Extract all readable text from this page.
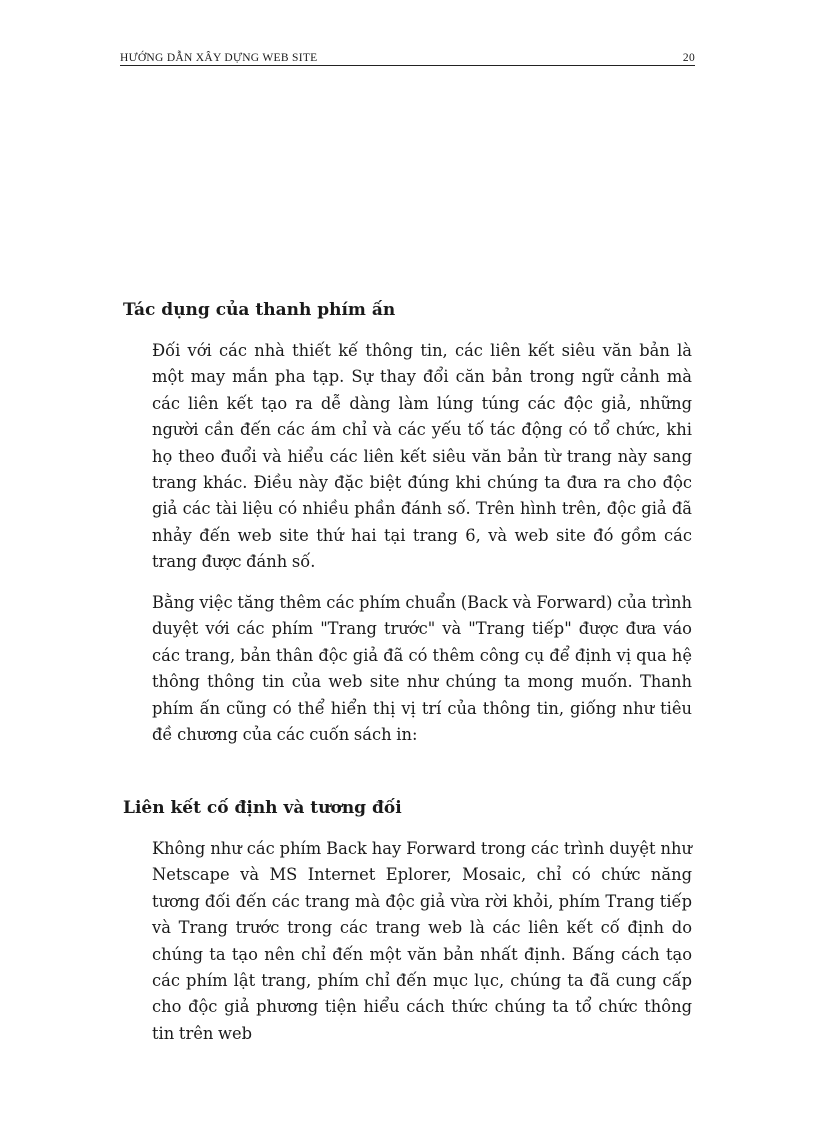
HƯỚNG DẪN XÂY DỰNG WEB SITE	20
Tác dụng của thanh phím ấn

Đối với các nhà thiết kế thông tin, các liên kết siêu văn bản là một may mắn pha tạp. Sự thay đổi căn bản trong ngữ cảnh mà các liên kết tạo ra dễ dàng làm lúng túng các độc giả, những người cần đến các ám chỉ và các yếu tố tác động có tổ chức, khi họ theo đuổi và hiểu các liên kết siêu văn bản từ trang này sang trang khác. Điều này đặc biệt đúng khi chúng ta đưa ra cho độc giả các tài liệu có nhiều phần đánh số. Trên hình trên, độc giả đã nhảy đến web site thứ hai tại trang 6, và web site đó gồm các trang được đánh số.

Bằng việc tăng thêm các phím chuẩn (Back và Forward) của trình duyệt với các phím "Trang trước" và "Trang tiếp" được đưa váo các trang, bản thân độc giả đã có thêm công cụ để định vị qua hệ thông thông tin của web site như chúng ta mong muốn. Thanh phím ấn cũng có thể hiển thị vị trí của thông tin, giống như tiêu đề chương của các cuốn sách in:

Liên kết cố định và tương đối

Không như các phím Back hay Forward trong các trình duyệt như Netscape và MS Internet Eplorer, Mosaic, chỉ có chức năng tương đối đến các trang mà độc giả vừa rời khỏi, phím Trang tiếp và Trang trước trong các trang web là các liên kết cố định do chúng ta tạo nên chỉ đến một văn bản nhất định. Bấng cách tạo các phím lật trang, phím chỉ đến mục lục, chúng ta đã cung cấp cho độc giả phương tiện hiểu cách thức chúng ta tổ chức thông tin trên web
